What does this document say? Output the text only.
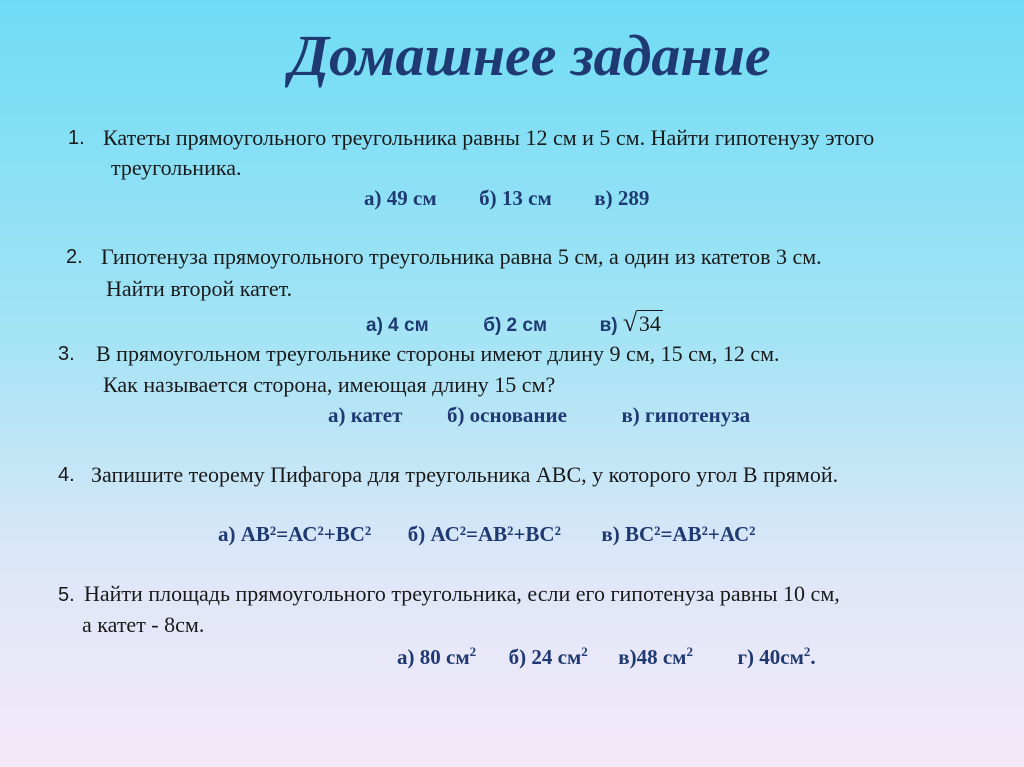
Домашнее задание
1. Катеты прямоугольного треугольника равны 12 см и 5 см. Найти гипотенузу этого
треугольника.
а) 49 см б) 13 см в) 289
2. Гипотенуза прямоугольного треугольника равна 5 см, а один из катетов 3 см.
Найти второй катет.
а) 4 см	б) 2 см	в) √ 34
3. В прямоугольном треугольнике стороны имеют длину 9 см, 15 см, 12 см.
Как называется сторона, имеющая длину 15 см?
а) катет б) основание	в) гипотенуза
4. Запишите теорему Пифагора для треугольника АВС, у которого угол В прямой.
а) АВ²=АС²+ВС² б) АС²=АВ²+ВС² в) ВС²=АВ²+АС²
5. Найти площадь прямоугольного треугольника, если его гипотенуза равны 10 см,
а катет - 8см.
а) 80 $см^2$ б) 24 $см^2$ в)48 $см^2$ г) $40см^2$.
